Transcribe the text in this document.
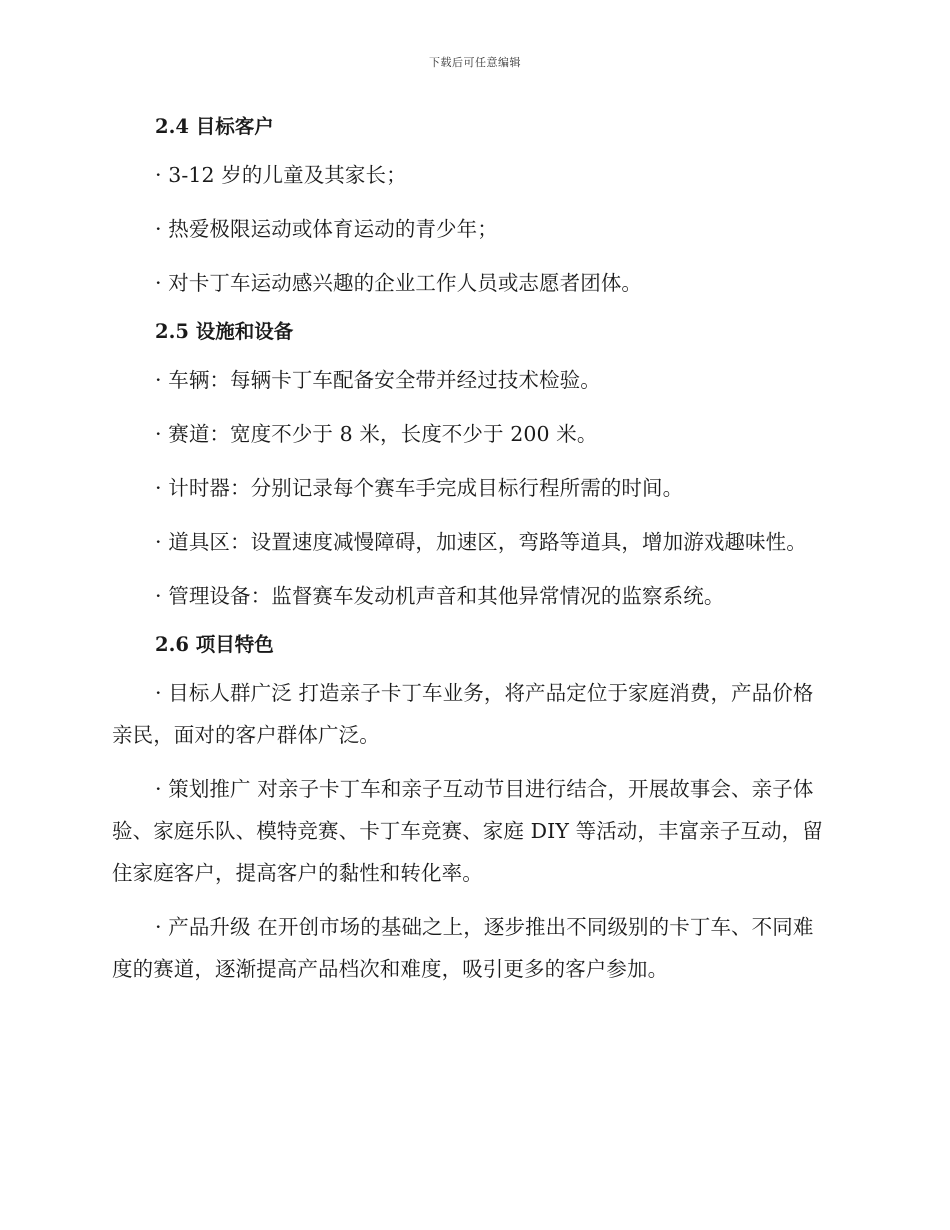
下载后可任意编辑
2.4 目标客户

· 3-12 岁的儿童及其家长；

· 热爱极限运动或体育运动的青少年；

· 对卡丁车运动感兴趣的企业工作人员或志愿者团体。

2.5 设施和设备

· 车辆：每辆卡丁车配备安全带并经过技术检验。

· 赛道：宽度不少于 8 米，长度不少于 200 米。

· 计时器：分别记录每个赛车手完成目标行程所需的时间。

· 道具区：设置速度减慢障碍，加速区，弯路等道具，增加游戏趣味性。

· 管理设备：监督赛车发动机声音和其他异常情况的监察系统。

2.6 项目特色

· 目标人群广泛 打造亲子卡丁车业务，将产品定位于家庭消费，产品价格亲民，面对的客户群体广泛。

· 策划推广 对亲子卡丁车和亲子互动节目进行结合，开展故事会、亲子体验、家庭乐队、模特竞赛、卡丁车竞赛、家庭 DIY 等活动，丰富亲子互动，留住家庭客户，提高客户的黏性和转化率。

· 产品升级 在开创市场的基础之上，逐步推出不同级别的卡丁车、不同难度的赛道，逐渐提高产品档次和难度，吸引更多的客户参加。
